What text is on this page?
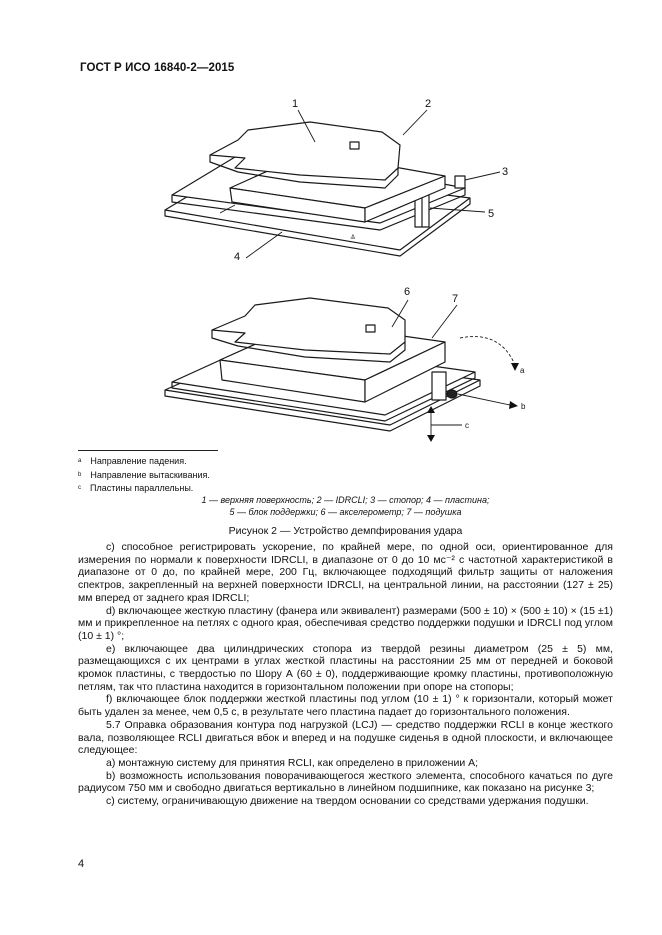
ГОСТ Р ИСО 16840-2—2015
≙
1	2
3
4
5
6
7
a
b
c
$^a$ Направление падения.
$^b$ Направление вытаскивания.
$^c$ Пластины параллельны.
1 — верхняя поверхность; 2 — IDRCLI; 3 — стопор; 4 — пластина;
5 — блок поддержки; 6 — акселерометр; 7 — подушка
Рисунок 2 — Устройство демпфирования удара

c) способное регистрировать ускорение, по крайней мере, по одной оси, ориентированное для измерения по нормали к поверхности IDRCLI, в диапазоне от 0 до 10 мс⁻² с частотной характеристикой в диапазоне от 0 до, по крайней мере, 200 Гц, включающее подходящий фильтр защиты от наложения спектров, закрепленный на верхней поверхности IDRCLI, на центральной линии, на расстоянии (127 ± 25) мм вперед от заднего края IDRCLI;

d) включающее жесткую пластину (фанера или эквивалент) размерами (500 ± 10) × (500 ± 10) × (15 ±1) мм и прикрепленное на петлях с одного края, обеспечивая средство поддержки подушки и IDRCLI под углом (10 ± 1) °;

e) включающее два цилиндрических стопора из твердой резины диаметром (25 ± 5) мм, размещающихся с их центрами в углах жесткой пластины на расстоянии 25 мм от передней и боковой кромок пластины, с твердостью по Шору А (60 ± 0), поддерживающие кромку пластины, противоположную петлям, так что пластина находится в горизонтальном положении при опоре на стопоры;

f) включающее блок поддержки жесткой пластины под углом (10 ± 1) ° к горизонтали, который может быть удален за менее, чем 0,5 с, в результате чего пластина падает до горизонтального положения.

5.7 Оправка образования контура под нагрузкой (LCJ) — средство поддержки RCLI в конце жесткого вала, позволяющее RCLI двигаться вбок и вперед и на подушке сиденья в одной плоскости, и включающее следующее:

a) монтажную систему для принятия RCLI, как определено в приложении А;

b) возможность использования поворачивающегося жесткого элемента, способного качаться по дуге радиусом 750 мм и свободно двигаться вертикально в линейном подшипнике, как показано на рисунке 3;

c) систему, ограничивающую движение на твердом основании со средствами удержания подушки.

4
